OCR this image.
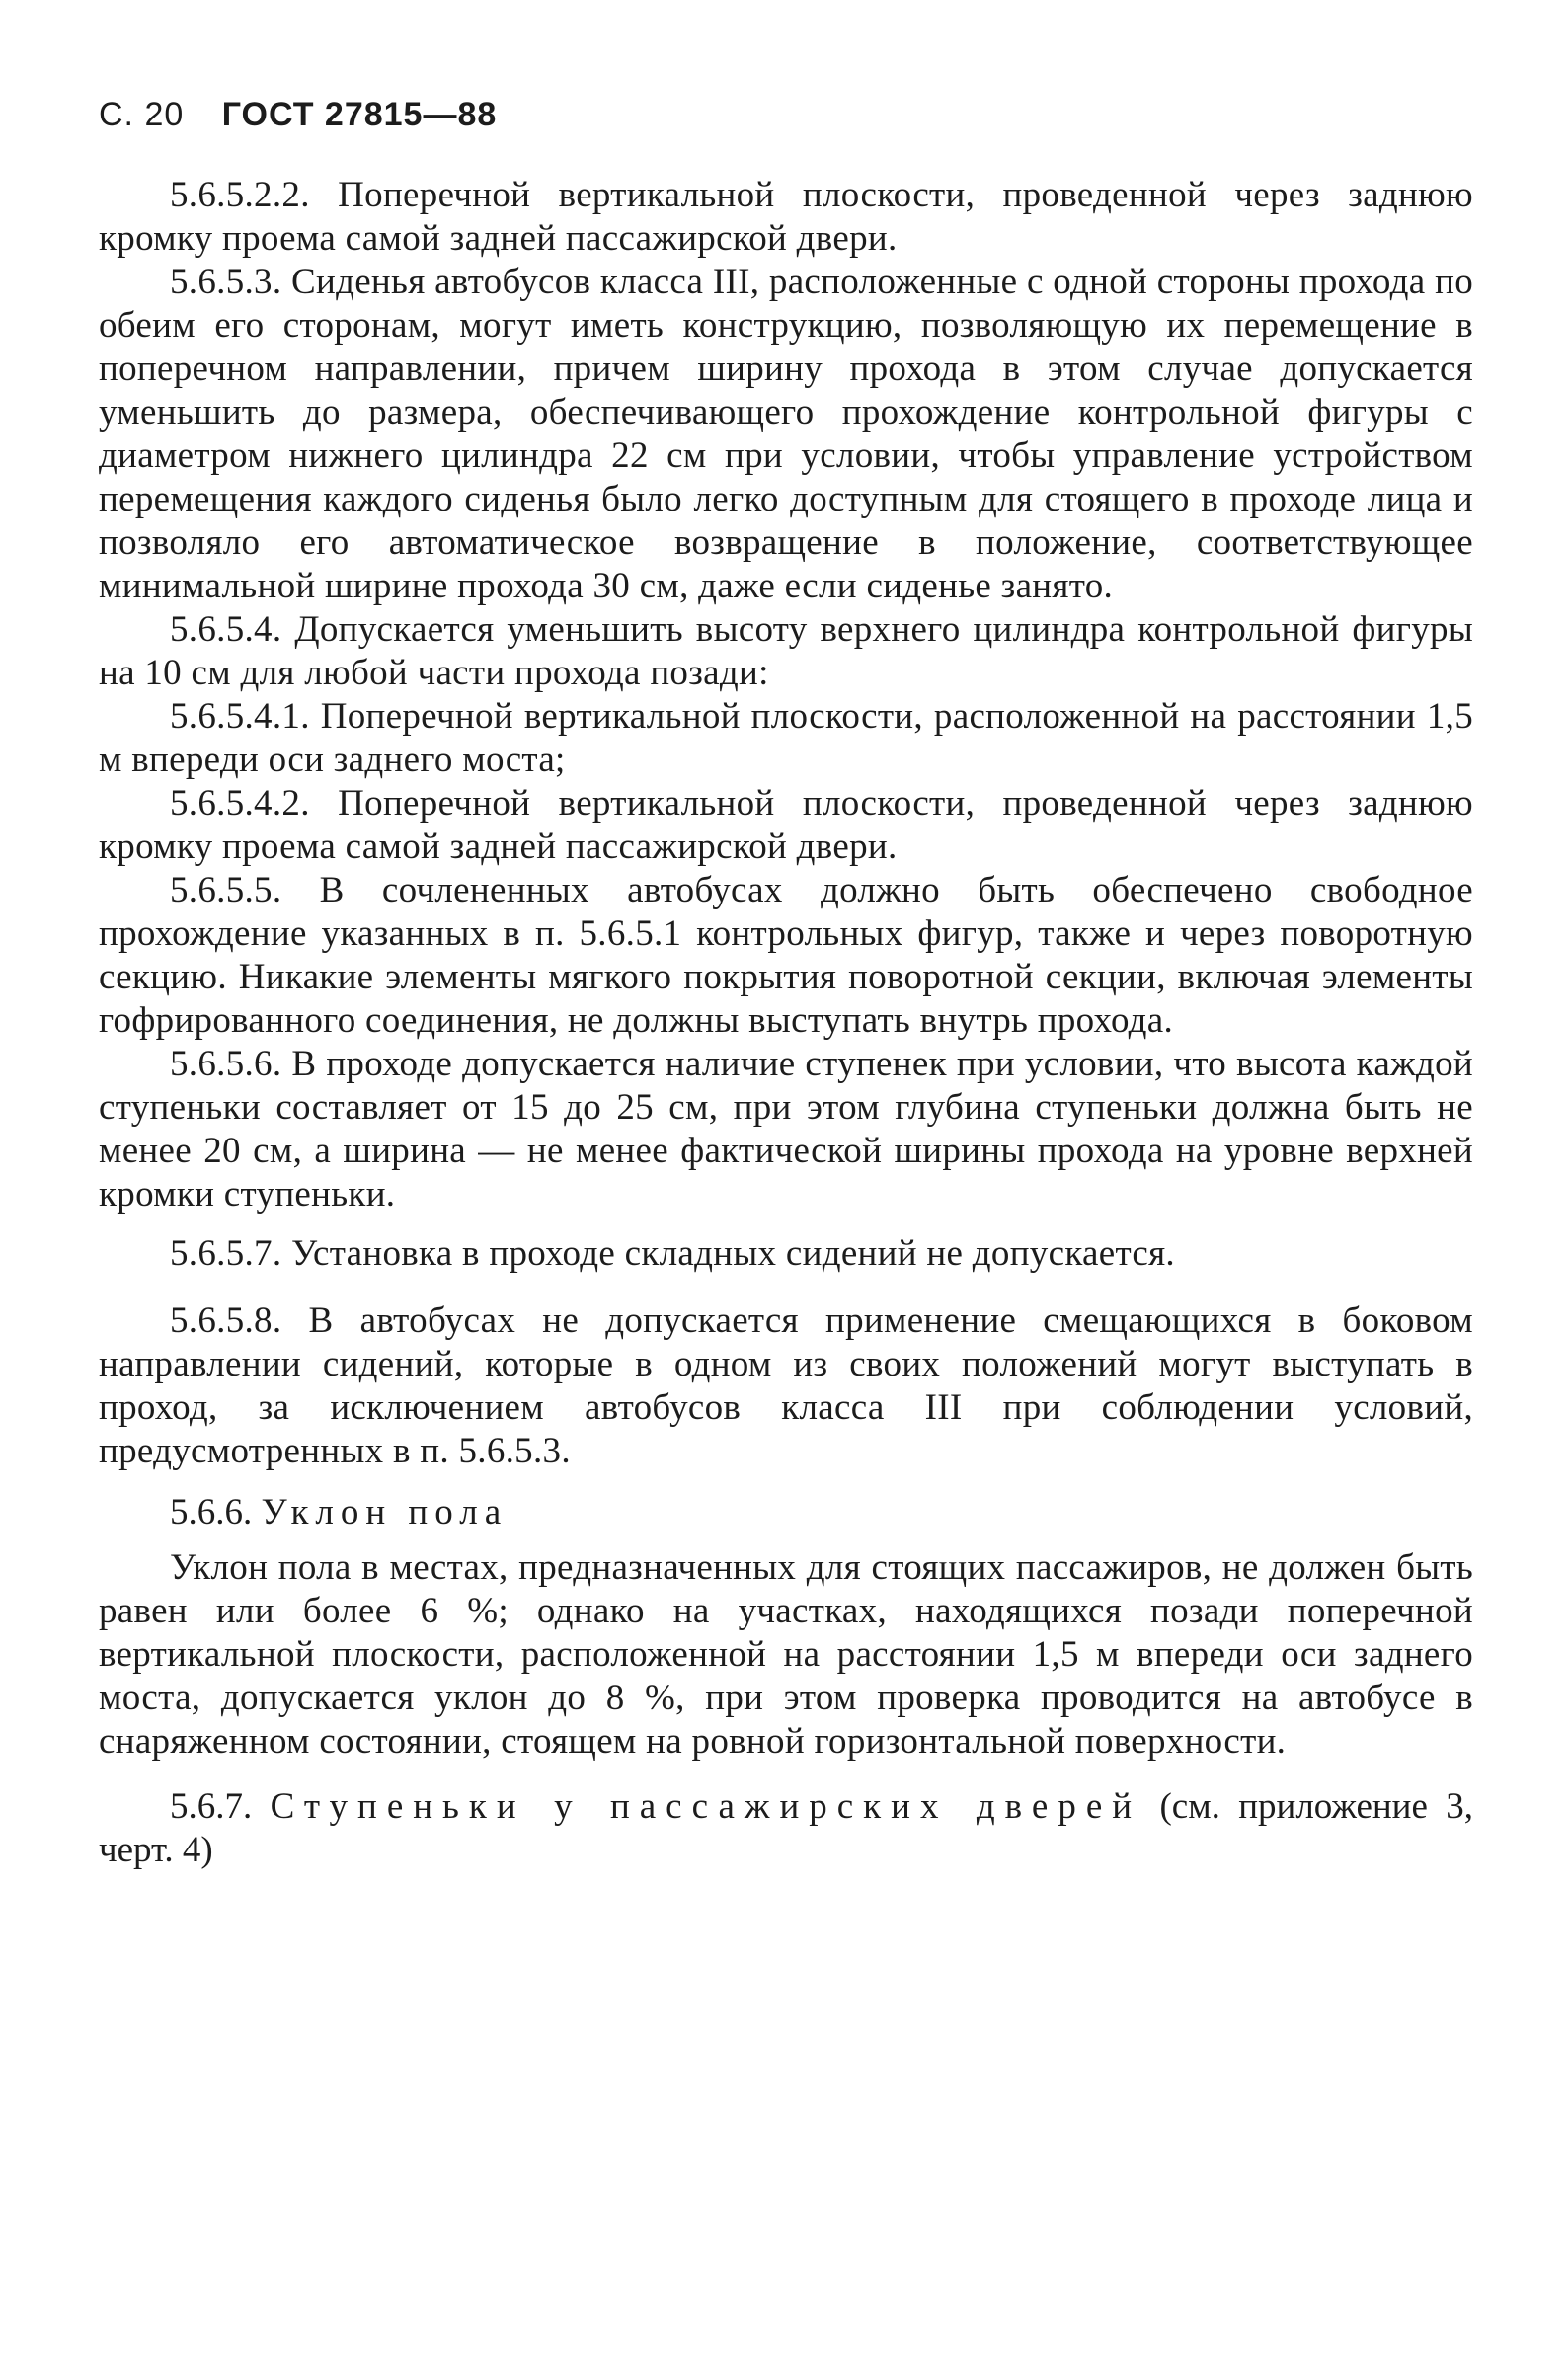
С. 20 ГОСТ 27815—88

5.6.5.2.2. Поперечной вертикальной плоскости, проведенной через заднюю кромку проема самой задней пассажирской двери.

5.6.5.3. Сиденья автобусов класса III, расположенные с одной стороны прохода по обеим его сторонам, могут иметь конструкцию, позволяющую их перемещение в поперечном направлении, причем ширину прохода в этом случае допускается уменьшить до размера, обеспечивающего прохождение контрольной фигуры с диаметром нижнего цилиндра 22 см при условии, чтобы управление устройством перемещения каждого сиденья было легко доступным для стоящего в проходе лица и позволяло его автоматическое возвращение в положение, соответствующее минимальной ширине прохода 30 см, даже если сиденье занято.

5.6.5.4. Допускается уменьшить высоту верхнего цилиндра контрольной фигуры на 10 см для любой части прохода позади:

5.6.5.4.1. Поперечной вертикальной плоскости, расположенной на расстоянии 1,5 м впереди оси заднего моста;

5.6.5.4.2. Поперечной вертикальной плоскости, проведенной через заднюю кромку проема самой задней пассажирской двери.

5.6.5.5. В сочлененных автобусах должно быть обеспечено свободное прохождение указанных в п. 5.6.5.1 контрольных фигур, также и через поворотную секцию. Никакие элементы мягкого покрытия поворотной секции, включая элементы гофрированного соединения, не должны выступать внутрь прохода.

5.6.5.6. В проходе допускается наличие ступенек при условии, что высота каждой ступеньки составляет от 15 до 25 см, при этом глубина ступеньки должна быть не менее 20 см, а ширина — не менее фактической ширины прохода на уровне верхней кромки ступеньки.

5.6.5.7. Установка в проходе складных сидений не допускается.

5.6.5.8. В автобусах не допускается применение смещающихся в боковом направлении сидений, которые в одном из своих положений могут выступать в проход, за исключением автобусов класса III при соблюдении условий, предусмотренных в п. 5.6.5.3.

5.6.6. Уклон пола

Уклон пола в местах, предназначенных для стоящих пассажиров, не должен быть равен или более 6 %; однако на участках, находящихся позади поперечной вертикальной плоскости, расположенной на расстоянии 1,5 м впереди оси заднего моста, допускается уклон до 8 %, при этом проверка проводится на автобусе в снаряженном состоянии, стоящем на ровной горизонтальной поверхности.

5.6.7. Ступеньки у пассажирских дверей (см. приложение 3, черт. 4)
